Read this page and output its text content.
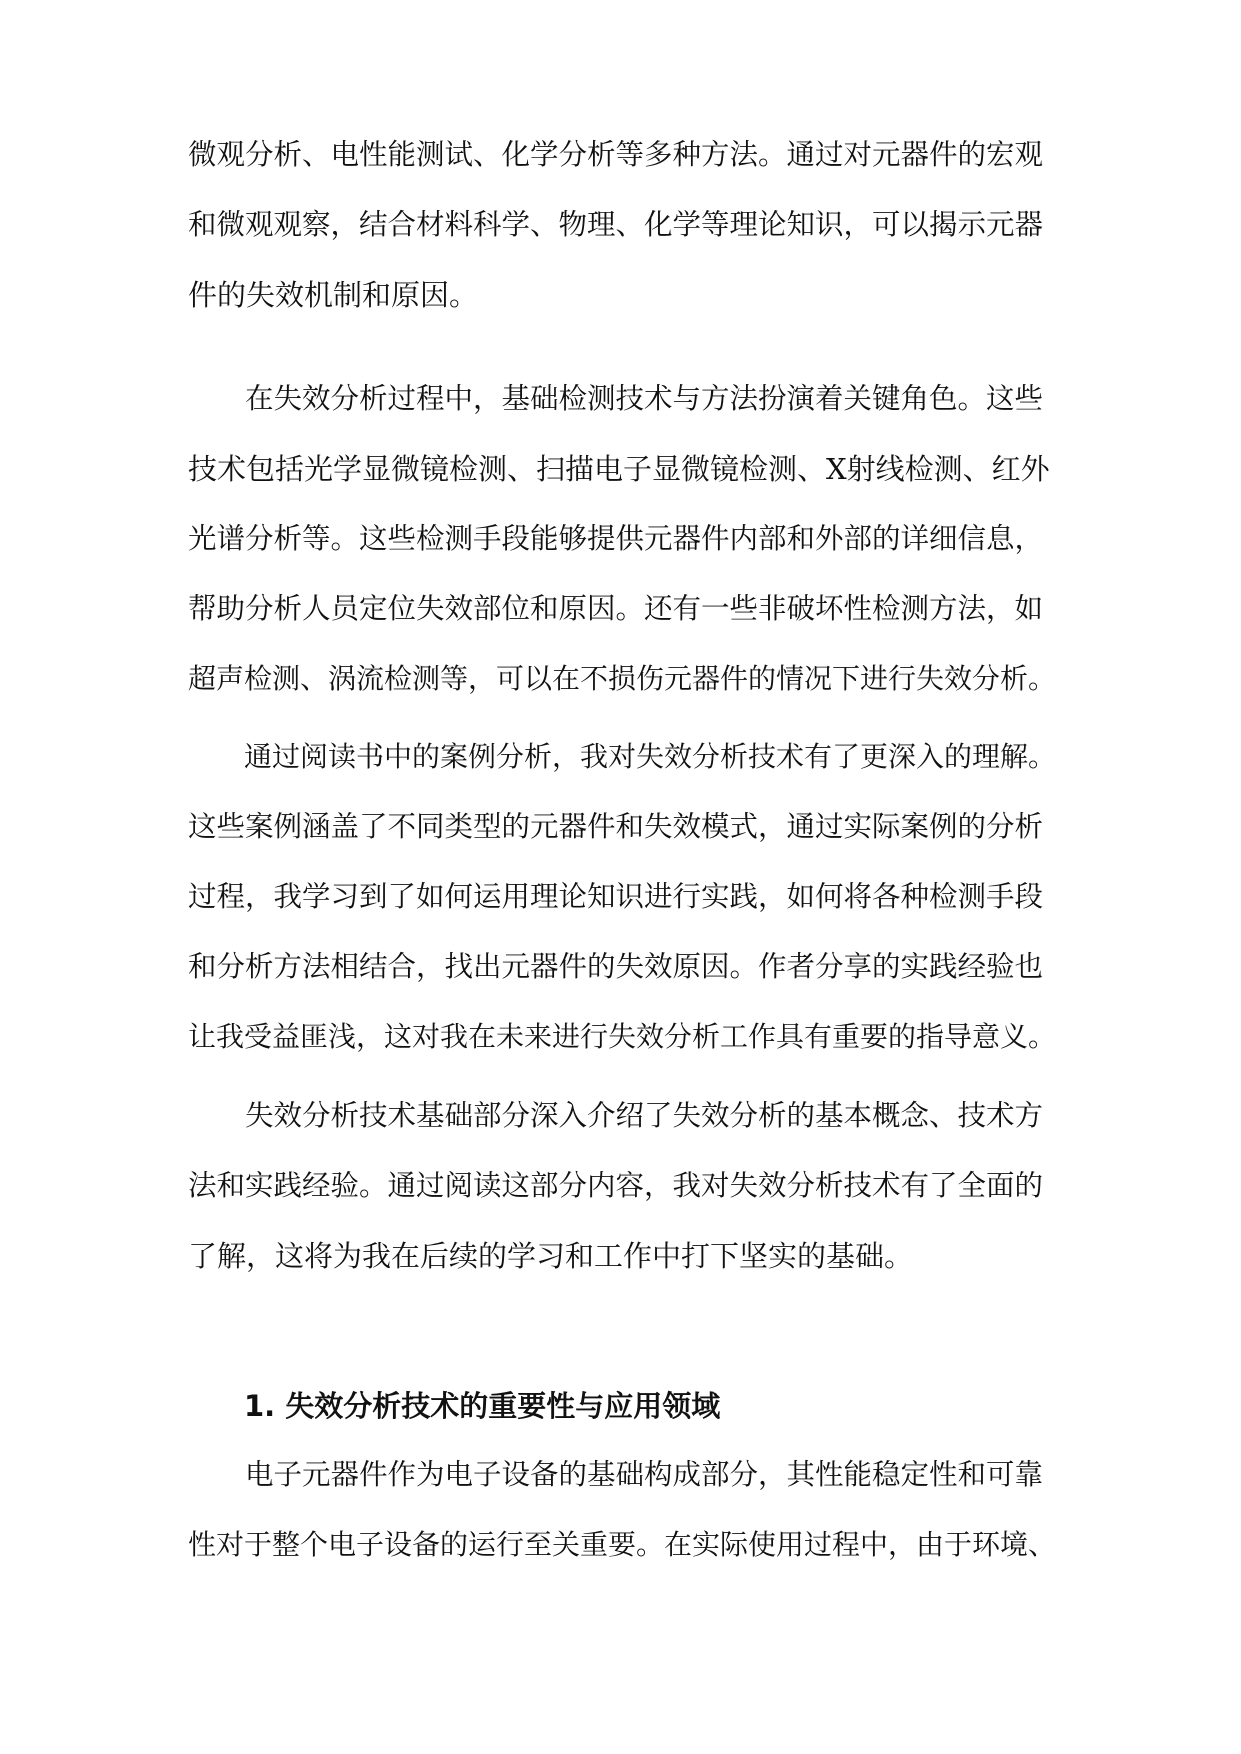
微观分析、电性能测试、化学分析等多种方法。通过对元器件的宏观
和微观观察，结合材料科学、物理、化学等理论知识，可以揭示元器
件的失效机制和原因。
　　在失效分析过程中，基础检测技术与方法扮演着关键角色。这些
技术包括光学显微镜检测、扫描电子显微镜检测、X射线检测、红外
光谱分析等。这些检测手段能够提供元器件内部和外部的详细信息，
帮助分析人员定位失效部位和原因。还有一些非破坏性检测方法，如
超声检测、涡流检测等，可以在不损伤元器件的情况下进行失效分析。
　　通过阅读书中的案例分析，我对失效分析技术有了更深入的理解。
这些案例涵盖了不同类型的元器件和失效模式，通过实际案例的分析
过程，我学习到了如何运用理论知识进行实践，如何将各种检测手段
和分析方法相结合，找出元器件的失效原因。作者分享的实践经验也
让我受益匪浅，这对我在未来进行失效分析工作具有重要的指导意义。
　　失效分析技术基础部分深入介绍了失效分析的基本概念、技术方
法和实践经验。通过阅读这部分内容，我对失效分析技术有了全面的
了解，这将为我在后续的学习和工作中打下坚实的基础。
1. 失效分析技术的重要性与应用领域
　　电子元器件作为电子设备的基础构成部分，其性能稳定性和可靠
性对于整个电子设备的运行至关重要。在实际使用过程中，由于环境、
